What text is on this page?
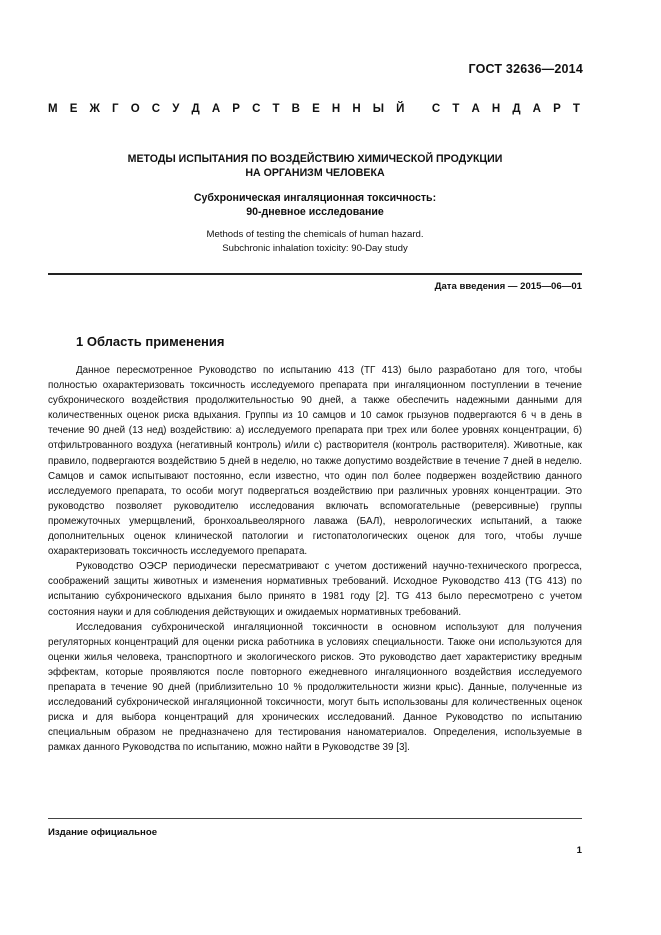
ГОСТ 32636—2014
М Е Ж Г О С У Д А Р С Т В Е Н Н Ы Й
С Т А Н Д А Р Т

МЕТОДЫ ИСПЫТАНИЯ ПО ВОЗДЕЙСТВИЮ ХИМИЧЕСКОЙ ПРОДУКЦИИ
НА ОРГАНИЗМ ЧЕЛОВЕКА

Субхроническая ингаляционная токсичность:
90-дневное исследование

Methods of testing the chemicals of human hazard.
Subchronic inhalation toxicity: 90-Day study

Дата введения — 2015—06—01
1 Область применения

Данное пересмотренное Руководство по испытанию 413 (ТГ 413) было разработано для того, чтобы полностью охарактеризовать токсичность исследуемого препарата при ингаляционном поступлении в течение субхронического воздействия продолжительностью 90 дней, а также обеспечить надежными данными для количественных оценок риска вдыхания. Группы из 10 самцов и 10 самок грызунов подвергаются 6 ч в день в течение 90 дней (13 нед) воздействию: а) исследуемого препарата при трех или более уровнях концентрации, б) отфильтрованного воздуха (негативный контроль) и/или с) растворителя (контроль растворителя). Животные, как правило, подвергаются воздействию 5 дней в неделю, но также допустимо воздействие в течение 7 дней в неделю. Самцов и самок испытывают постоянно, если известно, что один пол более подвержен воздействию данного исследуемого препарата, то особи могут подвергаться воздействию при различных уровнях концентрации. Это руководство позволяет руководителю исследования включать вспомогательные (реверсивные) группы промежуточных умерщвлений, бронхоальвеолярного лаважа (БАЛ), неврологических испытаний, а также дополнительных оценок клинической патологии и гистопатологических оценок для того, чтобы лучше охарактеризовать токсичность исследуемого препарата.

Руководство ОЭСР периодически пересматривают с учетом достижений научно-технического прогресса, соображений защиты животных и изменения нормативных требований. Исходное Руководство 413 (TG 413) по испытанию субхронического вдыхания было принято в 1981 году [2]. TG 413 было пересмотрено с учетом состояния науки и для соблюдения действующих и ожидаемых нормативных требований.

Исследования субхронической ингаляционной токсичности в основном используют для получения регуляторных концентраций для оценки риска работника в условиях специальности. Также они используются для оценки жилья человека, транспортного и экологического рисков. Это руководство дает характеристику вредным эффектам, которые проявляются после повторного ежедневного ингаляционного воздействия исследуемого препарата в течение 90 дней (приблизительно 10 % продолжительности жизни крыс). Данные, полученные из исследований субхронической ингаляционной токсичности, могут быть использованы для количественных оценок риска и для выбора концентраций для хронических исследований. Данное Руководство по испытанию специальным образом не предназначено для тестирования наноматериалов. Определения, используемые в рамках данного Руководства по испытанию, можно найти в Руководстве 39 [3].

Издание официальное
1
